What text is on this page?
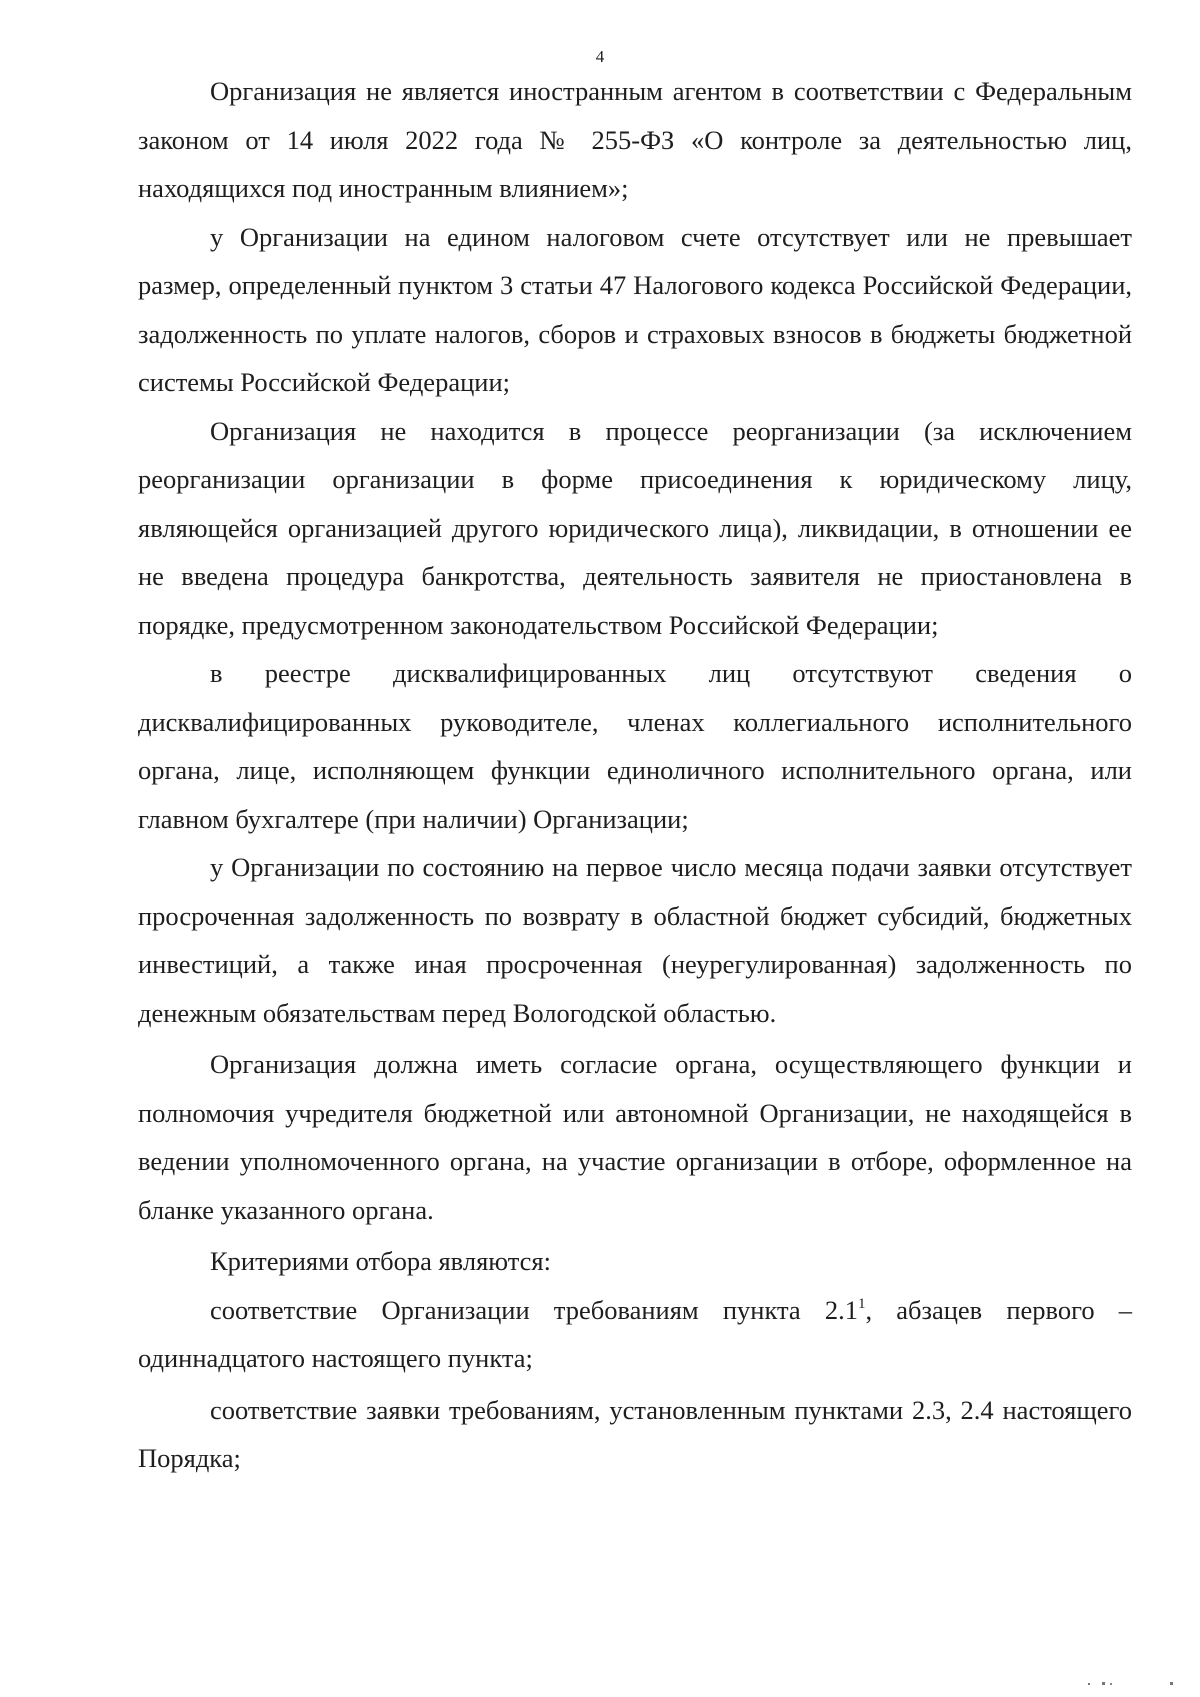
4

Организация не является иностранным агентом в соответствии с Федеральным законом от 14 июля 2022 года № 255-ФЗ «О контроле за деятельностью лиц, находящихся под иностранным влиянием»;

у Организации на едином налоговом счете отсутствует или не превышает размер, определенный пунктом 3 статьи 47 Налогового кодекса Российской Федерации, задолженность по уплате налогов, сборов и страховых взносов в бюджеты бюджетной системы Российской Федерации;

Организация не находится в процессе реорганизации (за исключением реорганизации организации в форме присоединения к юридическому лицу, являющейся организацией другого юридического лица), ликвидации, в отношении ее не введена процедура банкротства, деятельность заявителя не приостановлена в порядке, предусмотренном законодательством Российской Федерации;

в реестре дисквалифицированных лиц отсутствуют сведения о дисквалифицированных руководителе, членах коллегиального исполнительного органа, лице, исполняющем функции единоличного исполнительного органа, или главном бухгалтере (при наличии) Организации;

у Организации по состоянию на первое число месяца подачи заявки отсутствует просроченная задолженность по возврату в областной бюджет субсидий, бюджетных инвестиций, а также иная просроченная (неурегулированная) задолженность по денежным обязательствам перед Вологодской областью.

Организация должна иметь согласие органа, осуществляющего функции и полномочия учредителя бюджетной или автономной Организации, не находящейся в ведении уполномоченного органа, на участие организации в отборе, оформленное на бланке указанного органа.

Критериями отбора являются:

соответствие Организации требованиям пункта $2.1^1$, абзацев первого – одиннадцатого настоящего пункта;

соответствие заявки требованиям, установленным пунктами 2.3, 2.4 настоящего Порядка;
